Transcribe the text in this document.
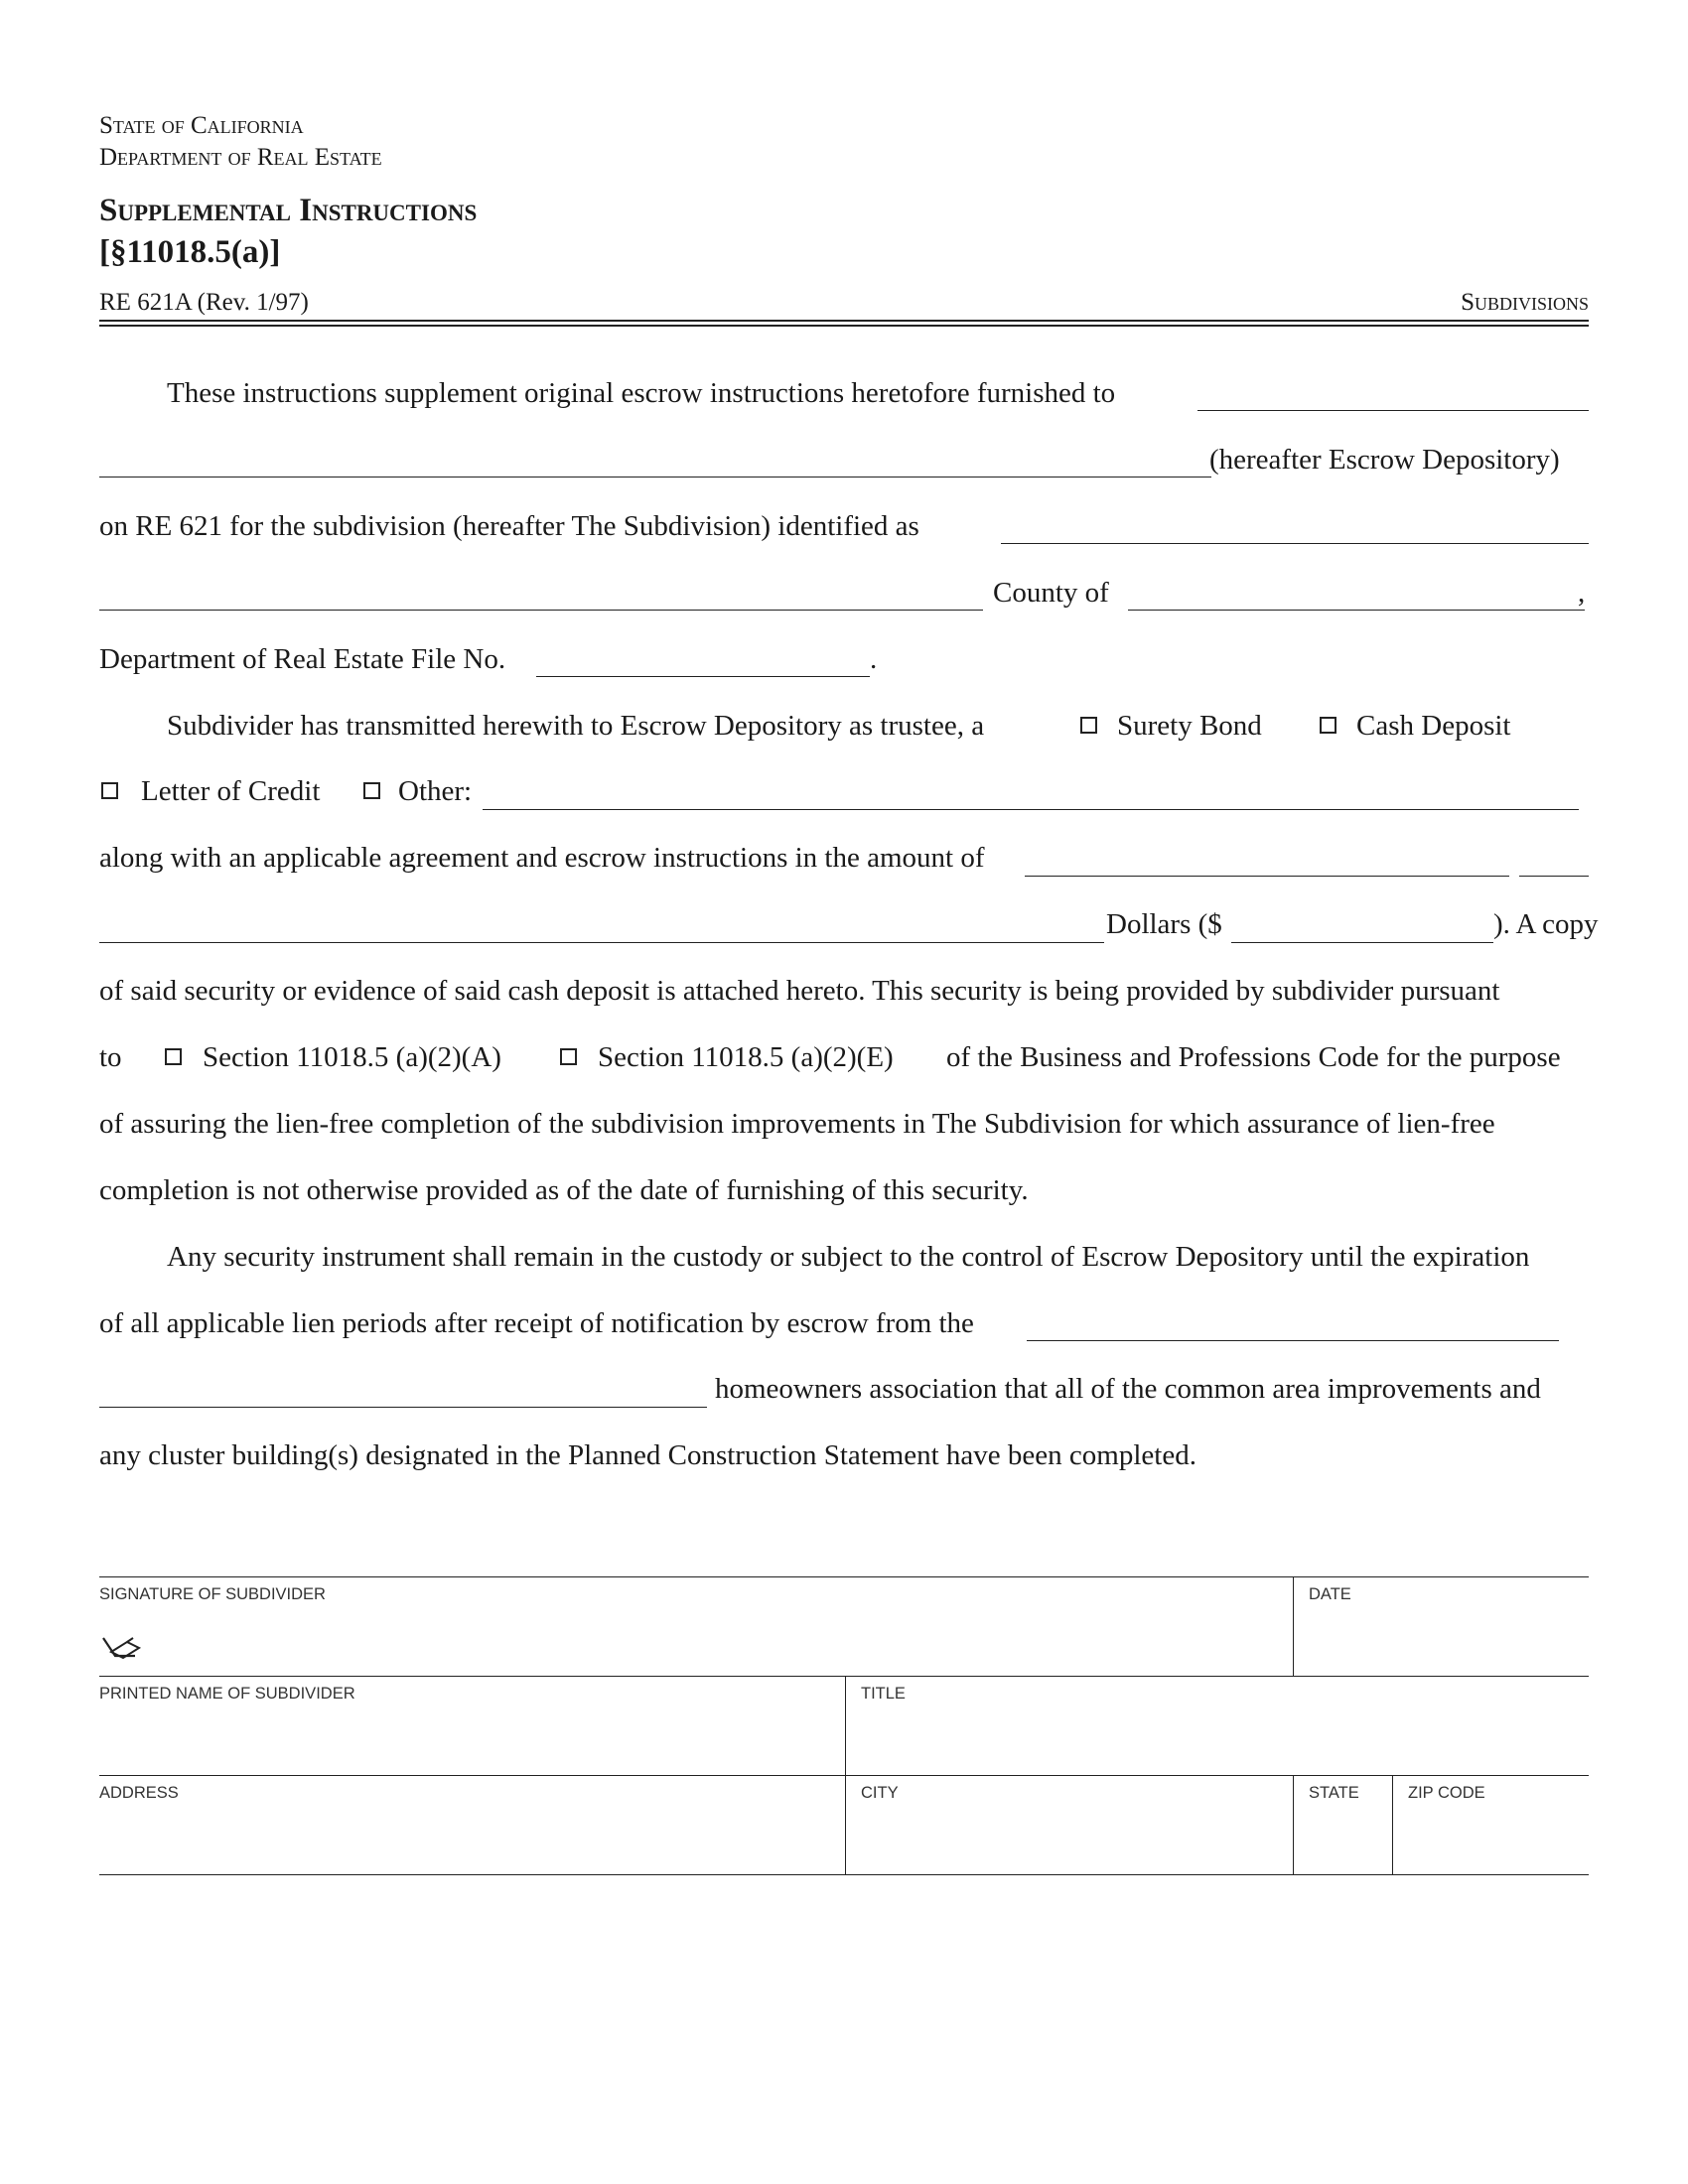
State of California
Department of Real Estate
Supplemental Instructions
[§11018.5(a)]
RE 621A (Rev. 1/97)	Subdivisions
These instructions supplement original escrow instructions heretofore furnished to
(hereafter Escrow Depository)
on RE 621 for the subdivision (hereafter The Subdivision) identified as
County of	,
Department of Real Estate File No.	.
Subdivider has transmitted herewith to Escrow Depository as trustee, a	Surety Bond	Cash Deposit
Letter of Credit	Other:
along with an applicable agreement and escrow instructions in the amount of
Dollars ($	). A copy
of said security or evidence of said cash deposit is attached hereto. This security is being provided by subdivider pursuant
to	Section 11018.5 (a)(2)(A)	Section 11018.5 (a)(2)(E) of the Business and Professions Code for the purpose
of assuring the lien-free completion of the subdivision improvements in The Subdivision for which assurance of lien-free
completion is not otherwise provided as of the date of furnishing of this security.
Any security instrument shall remain in the custody or subject to the control of Escrow Depository until the expiration
of all applicable lien periods after receipt of notification by escrow from the
homeowners association that all of the common area improvements and
any cluster building(s) designated in the Planned Construction Statement have been completed.
SIGNATURE OF SUBDIVIDER	DATE
PRINTED NAME OF SUBDIVIDER	TITLE
ADDRESS	CITY	STATE	ZIP CODE
